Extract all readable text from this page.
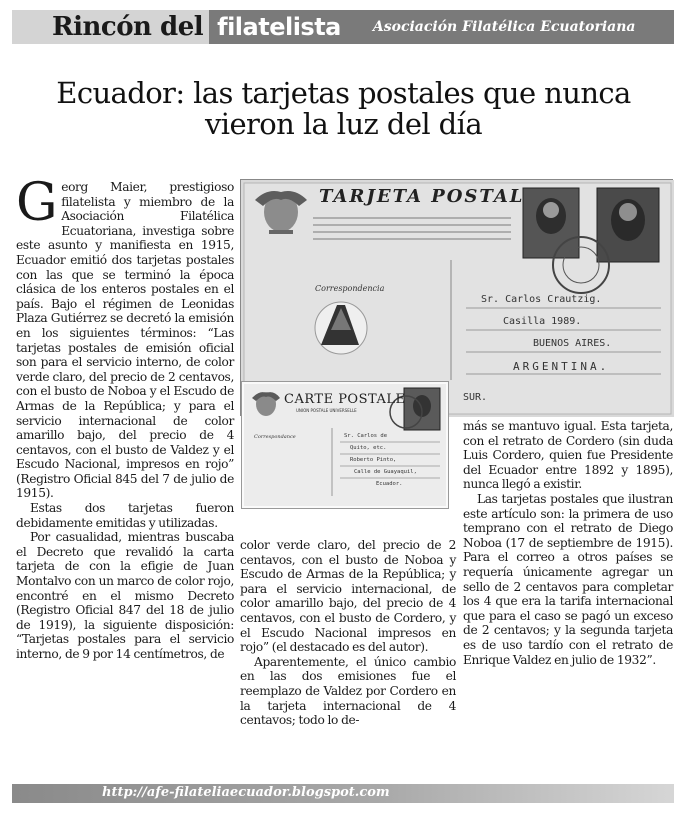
Rincón del filatelista	Asociación Filatélica Ecuatoriana
Ecuador: las tarjetas postales que nunca
vieron la luz del día

Georg Maier, prestigioso filatelista y miembro de la Asociación Filatélica Ecuatoriana, investiga sobre este asunto y manifiesta en 1915, Ecuador emitió dos tarjetas postales con las que se terminó la época clásica de los enteros postales en el país. Bajo el régimen de Leonidas Plaza Gutiérrez se decretó la emisión en los siguientes términos: “Las tarjetas postales de emisión oficial son para el servicio interno, de color verde claro, del precio de 2 centavos, con el busto de Noboa y el Escudo de Armas de la República; y para el servicio internacional de color amarillo bajo, del precio de 4 centavos, con el busto de Valdez y el Escudo Nacional, impresos en rojo” (Registro Oficial 845 del 7 de julio de 1915).

Estas dos tarjetas fueron debidamente emitidas y utilizadas.

Por casualidad, mientras buscaba el Decreto que revalidó la carta tarjeta de con la efigie de Juan Montalvo con un marco de color rojo, encontré en el mismo Decreto (Registro Oficial 847 del 18 de julio de 1919), la siguiente disposición: “Tarjetas postales para el servicio interno, de 9 por 14 centímetros, de

TARJETA POSTAL
Correspondencia
Sr. Carlos Crautzig.
Casilla 1989.
BUENOS AIRES.
ARGENTINA.
SUR.
CARTE POSTALE
UNION POSTALE UNIVERSELLE
Correspondance	Sr. Carlos de
Quito, etc.
Roberto Pinto,
Calle de Guayaquil,
Ecuador.

color verde claro, del precio de 2 centavos, con el busto de Noboa y Escudo de Armas de la República; y para el servicio internacional, de color amarillo bajo, del precio de 4 centavos, con el busto de Cordero, y el Escudo Nacional impresos en rojo” (el destacado es del autor).

Aparentemente, el único cambio en las dos emisiones fue el reemplazo de Valdez por Cordero en la tarjeta internacional de 4 centavos; todo lo de-

más se mantuvo igual. Esta tarjeta, con el retrato de Cordero (sin duda Luis Cordero, quien fue Presidente del Ecuador entre 1892 y 1895), nunca llegó a existir.

Las tarjetas postales que ilustran este artículo son: la primera de uso temprano con el retrato de Diego Noboa (17 de septiembre de 1915). Para el correo a otros países se requería únicamente agregar un sello de 2 centavos para completar los 4 que era la tarifa internacional que para el caso se pagó un exceso de 2 centavos; y la segunda tarjeta es de uso tardío con el retrato de Enrique Valdez en julio de 1932”.

http://afe-filateliaecuador.blogspot.com
